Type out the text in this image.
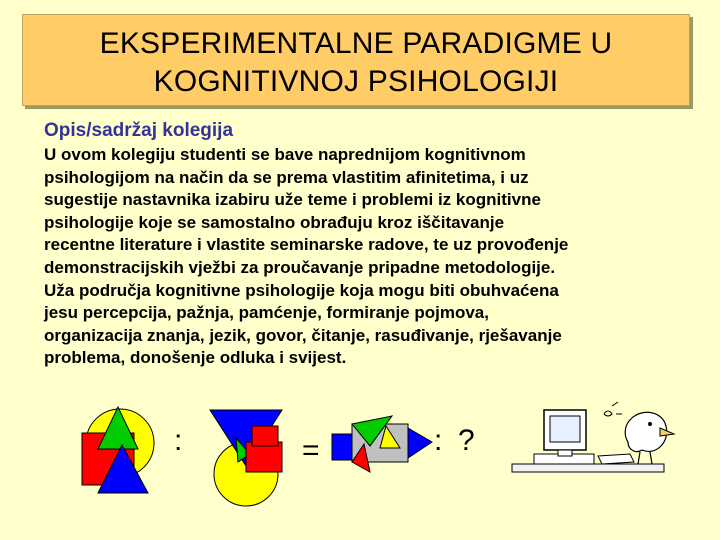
EKSPERIMENTALNE PARADIGME U
KOGNITIVNOJ PSIHOLOGIJI
Opis/sadržaj kolegija
U ovom kolegiju studenti se bave naprednijom kognitivnom
psihologijom na način da se prema vlastitim afinitetima, i uz
sugestije nastavnika izabiru uže teme i problemi iz kognitivne
psihologije koje se samostalno obrađuju kroz iščitavanje
recentne literature i vlastite seminarske radove, te uz provođenje
demonstracijskih vježbi za proučavanje pripadne metodologije.
Uža područja kognitivne psihologije koja mogu biti obuhvaćena
jesu percepcija, pažnja, pamćenje, formiranje pojmova,
organizacija znanja, jezik, govor, čitanje, rasuđivanje, rješavanje
problema, donošenje odluka i svijest.
:	=	: ?
